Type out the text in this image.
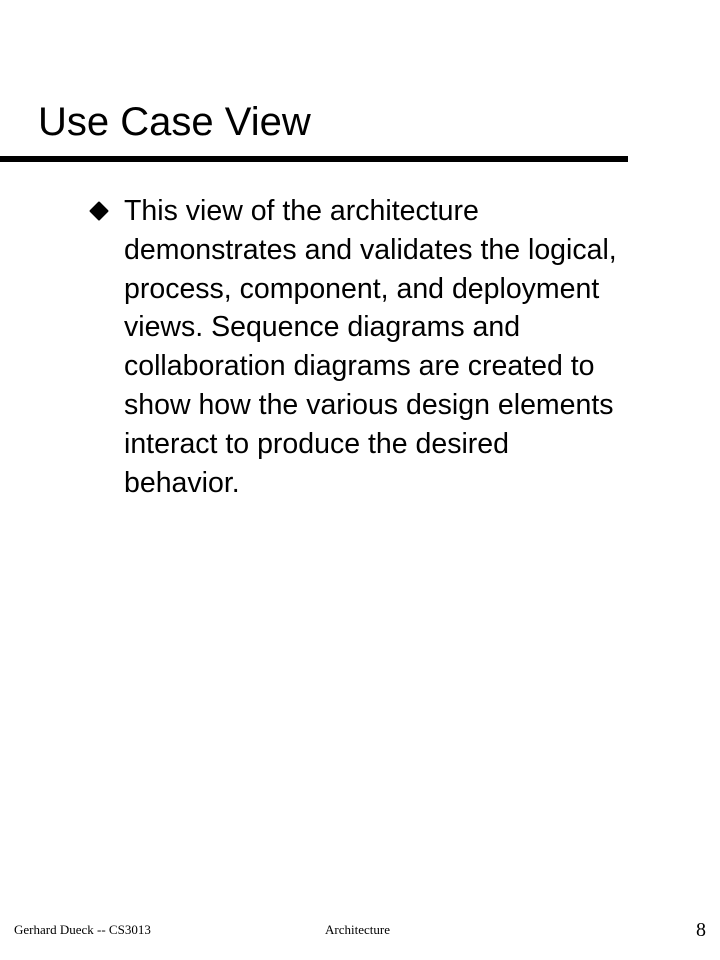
Use Case View

This view of the architecture
demonstrates and validates the logical,
process, component, and deployment
views. Sequence diagrams and
collaboration diagrams are created to
show how the various design elements
interact to produce the desired
behavior.

Gerhard Dueck -- CS3013	Architecture	8
